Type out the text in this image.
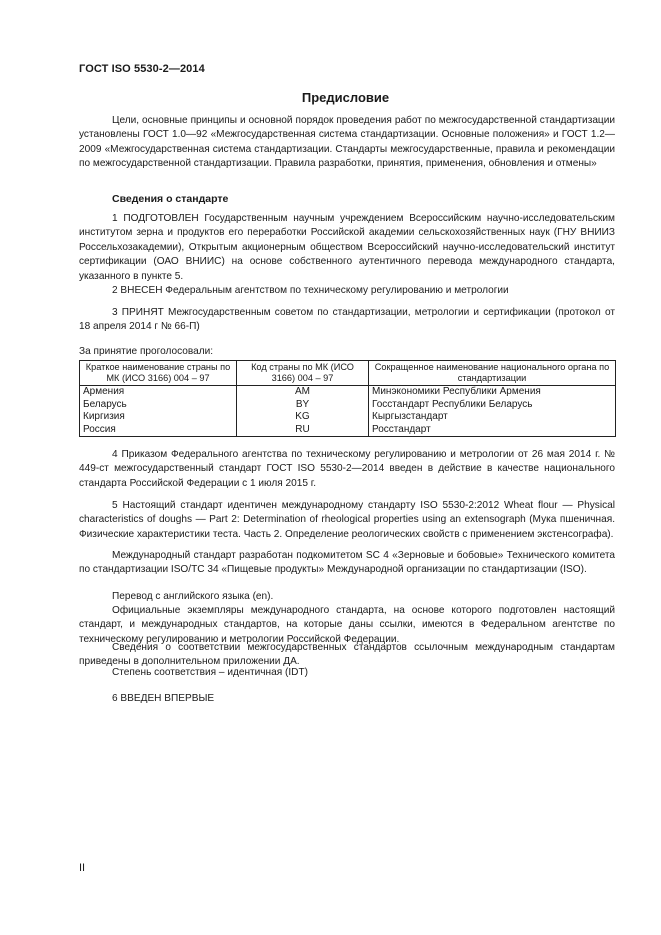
ГОСТ ISO 5530-2—2014
Предисловие

Цели, основные принципы и основной порядок проведения работ по межгосударственной стандартизации установлены ГОСТ 1.0—92 «Межгосударственная система стандартизации. Основные положения» и ГОСТ 1.2—2009 «Межгосударственная система стандартизации. Стандарты межгосударственные, правила и рекомендации по межгосударственной стандартизации. Правила разработки, принятия, применения, обновления и отмены»

Сведения о стандарте

1 ПОДГОТОВЛЕН Государственным научным учреждением Всероссийским научно-исследовательским институтом зерна и продуктов его переработки Российской академии сельскохозяйственных наук (ГНУ ВНИИЗ Россельхозакадемии), Открытым акционерным обществом Всероссийский научно-исследовательский институт сертификации (ОАО ВНИИС) на основе собственного аутентичного перевода международного стандарта, указанного в пункте 5.

2 ВНЕСЕН Федеральным агентством по техническому регулированию и метрологии

3 ПРИНЯТ Межгосударственным советом по стандартизации, метрологии и сертификации (протокол от 18 апреля 2014 г № 66-П)

За принятие проголосовали:
Краткое наименование страны по МК (ИСО 3166) 004 – 97	Код страны по МК (ИСО 3166) 004 – 97	Сокращенное наименование национального органа по стандартизации
Армения	AM	Минэкономики Республики Армения
Беларусь	BY	Госстандарт Республики Беларусь
Киргизия	KG	Кыргызстандарт
Россия	RU	Росстандарт

4 Приказом Федерального агентства по техническому регулированию и метрологии от 26 мая 2014 г. № 449-ст межгосударственный стандарт ГОСТ ISO 5530-2—2014 введен в действие в качестве национального стандарта Российской Федерации с 1 июля 2015 г.

5 Настоящий стандарт идентичен международному стандарту ISO 5530-2:2012 Wheat flour — Physical characteristics of doughs — Part 2: Determination of rheological properties using an extensograph (Мука пшеничная. Физические характеристики теста. Часть 2. Определение реологических свойств с применением экстенсографа).

Международный стандарт разработан подкомитетом SC 4 «Зерновые и бобовые» Технического комитета по стандартизации ISO/TC 34 «Пищевые продукты» Международной организации по стандартизации (ISO).

Перевод с английского языка (en).

Официальные экземпляры международного стандарта, на основе которого подготовлен настоящий стандарт, и международных стандартов, на которые даны ссылки, имеются в Федеральном агентстве по техническому регулированию и метрологии Российской Федерации.

Сведения о соответствии межгосударственных стандартов ссылочным международным стандартам приведены в дополнительном приложении ДА.

Степень соответствия – идентичная (IDT)

6 ВВЕДЕН ВПЕРВЫЕ

II
